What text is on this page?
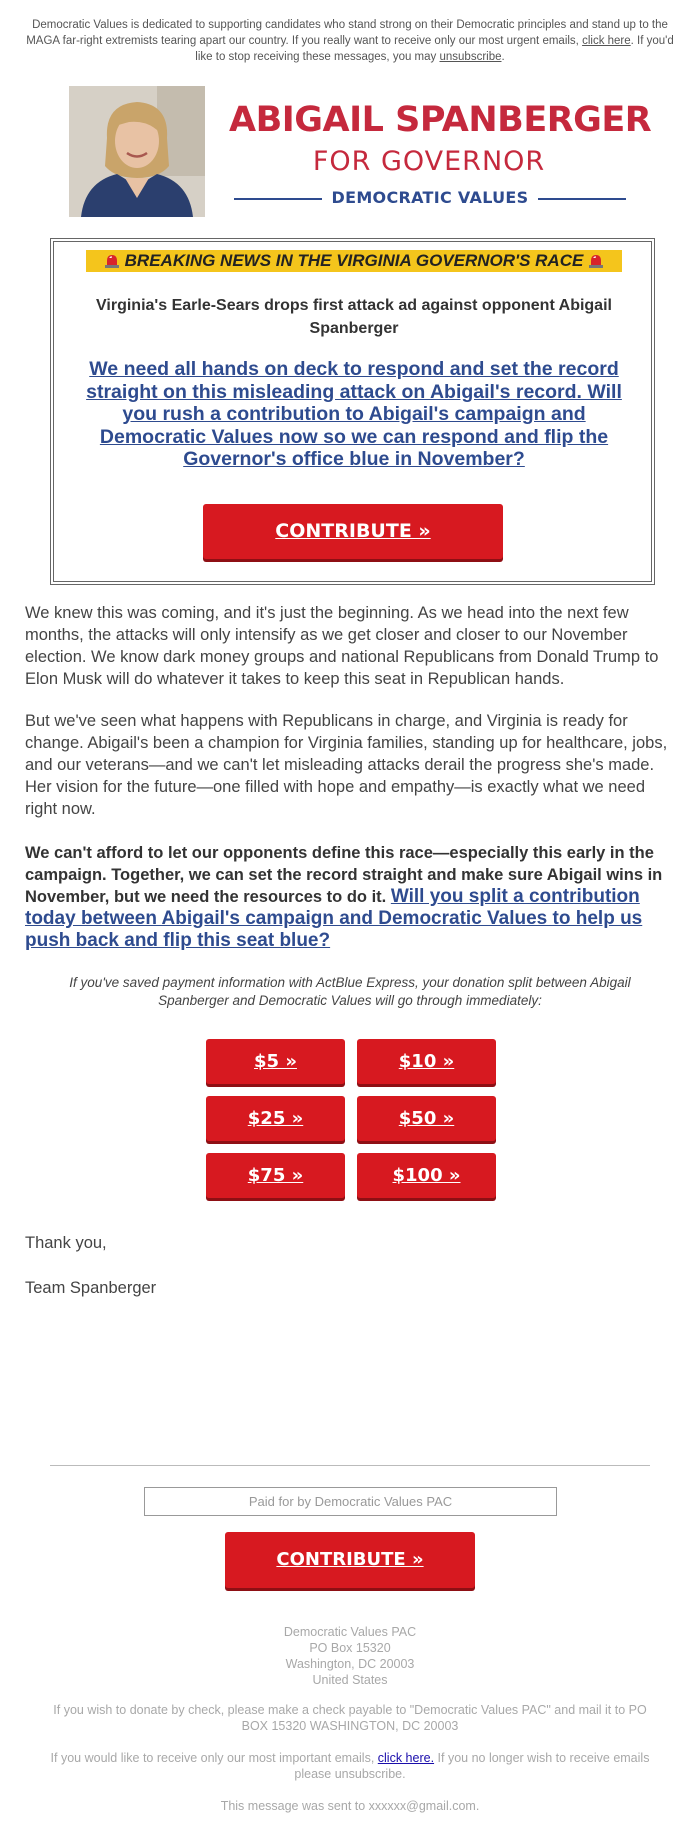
Democratic Values is dedicated to supporting candidates who stand strong on their Democratic principles and stand up to the MAGA far-right extremists tearing apart our country. If you really want to receive only our most urgent emails, click here. If you'd like to stop receiving these messages, you may unsubscribe.
ABIGAIL SPANBERGER
FOR GOVERNOR
DEMOCRATIC VALUES
BREAKING NEWS IN THE VIRGINIA GOVERNOR'S RACE
Virginia's Earle-Sears drops first attack ad against opponent Abigail Spanberger
We need all hands on deck to respond and set the record straight on this misleading attack on Abigail's record. Will you rush a contribution to Abigail's campaign and Democratic Values now so we can respond and flip the Governor's office blue in November?
CONTRIBUTE »

We knew this was coming, and it's just the beginning. As we head into the next few months, the attacks will only intensify as we get closer and closer to our November election. We know dark money groups and national Republicans from Donald Trump to Elon Musk will do whatever it takes to keep this seat in Republican hands.

But we've seen what happens with Republicans in charge, and Virginia is ready for change. Abigail's been a champion for Virginia families, standing up for healthcare, jobs, and our veterans—and we can't let misleading attacks derail the progress she's made. Her vision for the future—one filled with hope and empathy—is exactly what we need right now.

We can't afford to let our opponents define this race—especially this early in the campaign. Together, we can set the record straight and make sure Abigail wins in November, but we need the resources to do it. Will you split a contribution today between Abigail's campaign and Democratic Values to help us push back and flip this seat blue?

If you've saved payment information with ActBlue Express, your donation split between Abigail Spanberger and Democratic Values will go through immediately:
$5 »	$10 »
$25 »	$50 »
$75 »	$100 »
Thank you,
Team Spanberger
Paid for by Democratic Values PAC
CONTRIBUTE »
Democratic Values PAC
PO Box 15320
Washington, DC 20003
United States
If you wish to donate by check, please make a check payable to "Democratic Values PAC" and mail it to PO BOX 15320 WASHINGTON, DC 20003
If you would like to receive only our most important emails, click here. If you no longer wish to receive emails please unsubscribe.
This message was sent to xxxxxx@gmail.com.
